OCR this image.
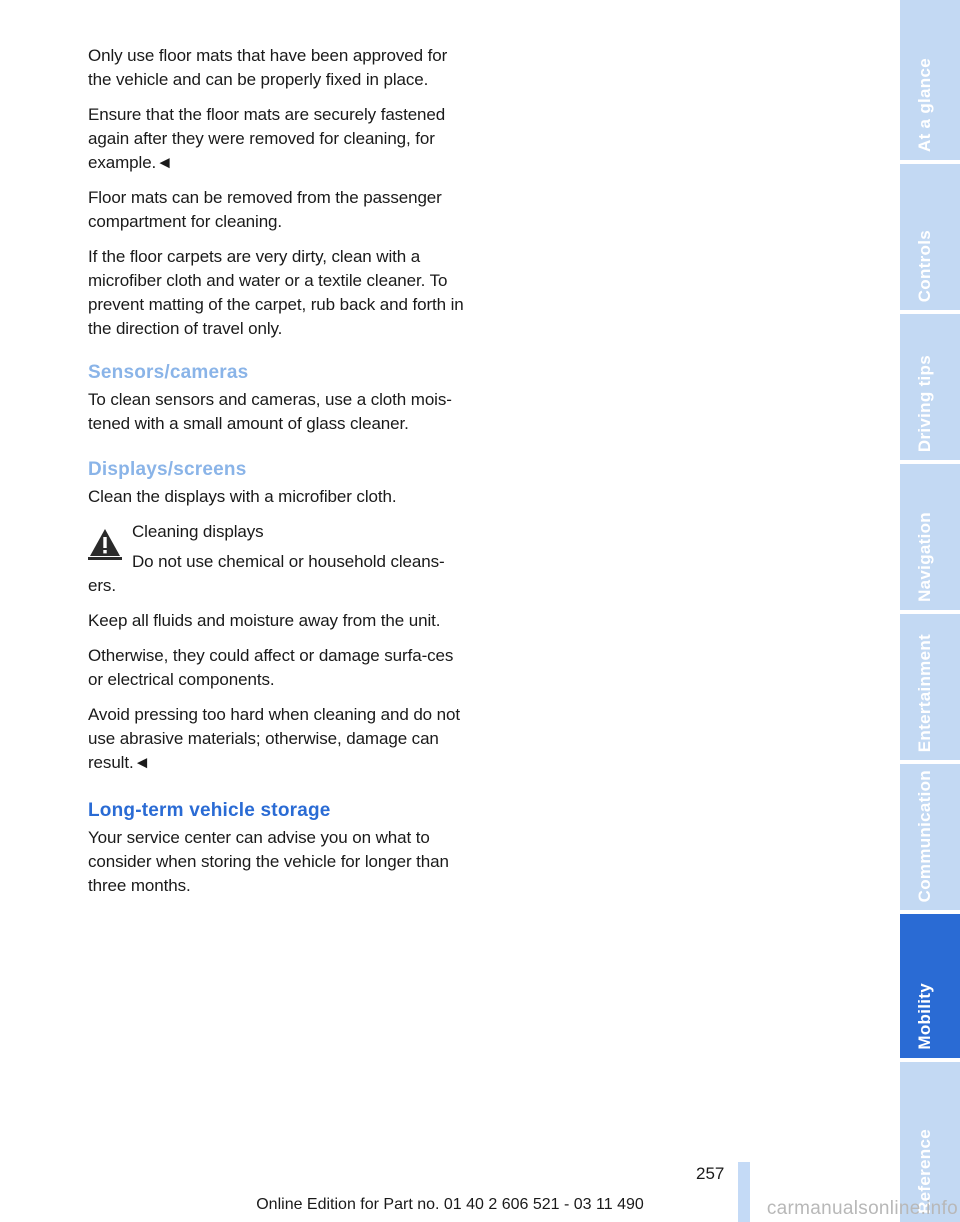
Only use floor mats that have been approved for the vehicle and can be properly fixed in place.

Ensure that the floor mats are securely fastened again after they were removed for cleaning, for example.◄

Floor mats can be removed from the passenger compartment for cleaning.

If the floor carpets are very dirty, clean with a microfiber cloth and water or a textile cleaner. To prevent matting of the carpet, rub back and forth in the direction of travel only.

Sensors/cameras

To clean sensors and cameras, use a cloth mois-tened with a small amount of glass cleaner.

Displays/screens

Clean the displays with a microfiber cloth.

Cleaning displays

Do not use chemical or household cleans-ers.

Keep all fluids and moisture away from the unit.

Otherwise, they could affect or damage surfa-ces or electrical components.

Avoid pressing too hard when cleaning and do not use abrasive materials; otherwise, damage can result.◄

Long-term vehicle storage

Your service center can advise you on what to consider when storing the vehicle for longer than three months.

At a glance
Controls
Driving tips
Navigation
Entertainment
Communication
Mobility
Reference
257
Online Edition for Part no. 01 40 2 606 521 - 03 11 490	carmanualsonline.info
